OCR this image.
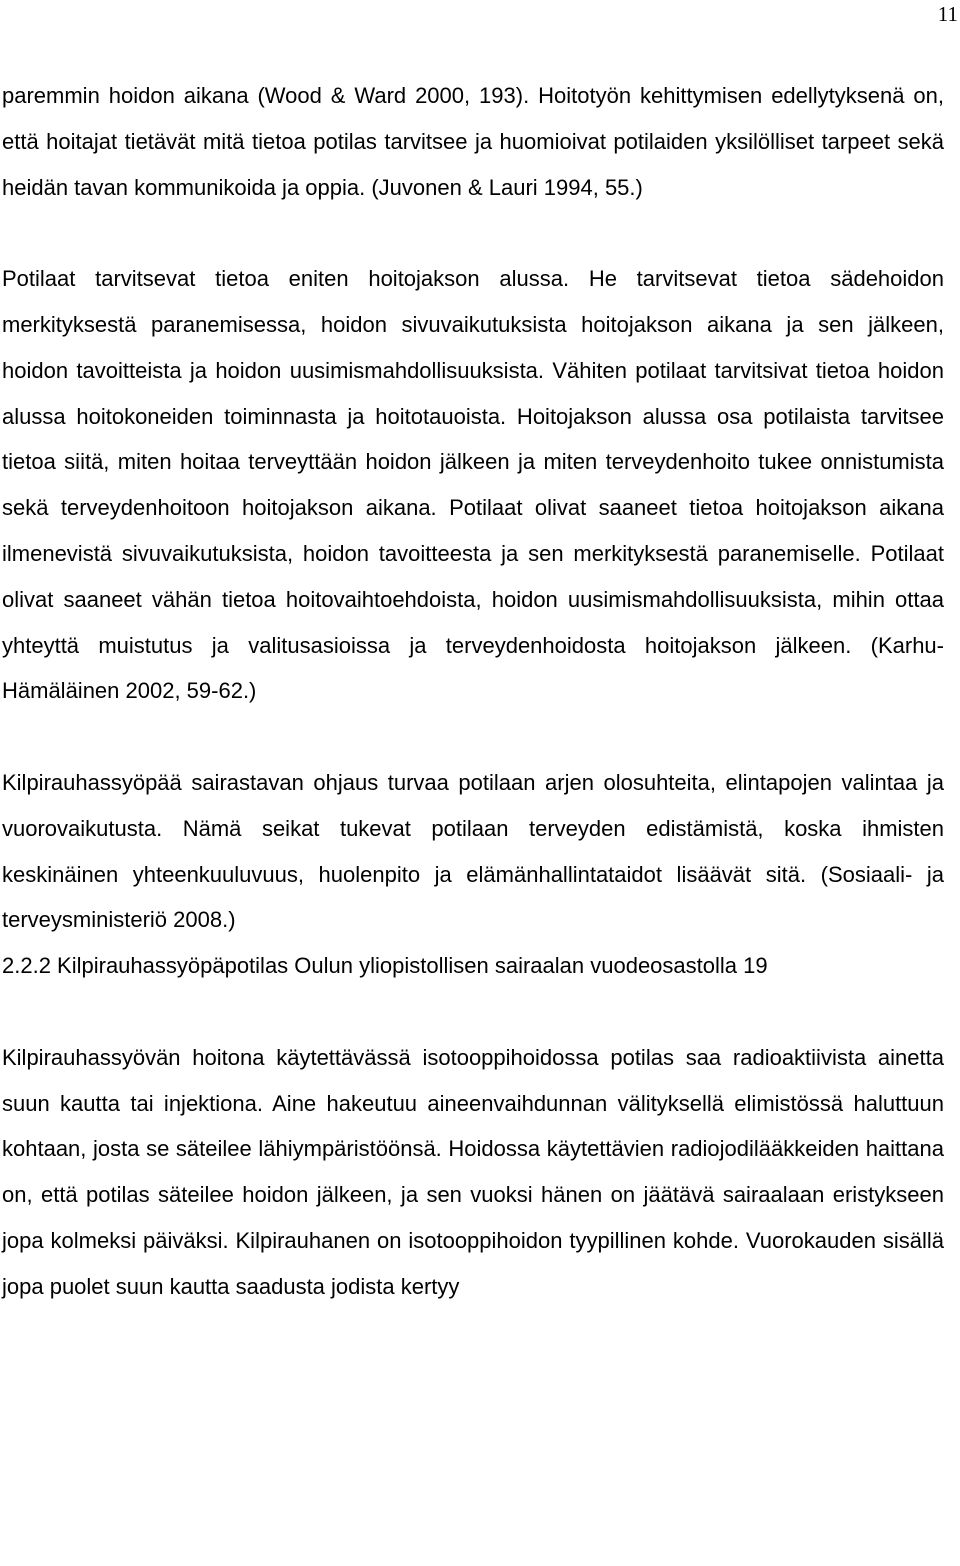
11

paremmin hoidon aikana (Wood & Ward 2000, 193). Hoitotyön kehittymisen edellytyksenä on, että hoitajat tietävät mitä tietoa potilas tarvitsee ja huomioivat potilaiden yksilölliset tarpeet sekä heidän tavan kommunikoida ja oppia. (Juvonen & Lauri 1994, 55.)

Potilaat tarvitsevat tietoa eniten hoitojakson alussa. He tarvitsevat tietoa sädehoidon merkityksestä paranemisessa, hoidon sivuvaikutuksista hoitojakson aikana ja sen jälkeen, hoidon tavoitteista ja hoidon uusimismahdollisuuksista. Vähiten potilaat tarvitsivat tietoa hoidon alussa hoitokoneiden toiminnasta ja hoitotauoista. Hoitojakson alussa osa potilaista tarvitsee tietoa siitä, miten hoitaa terveyttään hoidon jälkeen ja miten terveydenhoito tukee onnistumista sekä terveydenhoitoon hoitojakson aikana. Potilaat olivat saaneet tietoa hoitojakson aikana ilmenevistä sivuvaikutuksista, hoidon tavoitteesta ja sen merkityksestä paranemiselle. Potilaat olivat saaneet vähän tietoa hoitovaihtoehdoista, hoidon uusimismahdollisuuksista, mihin ottaa yhteyttä muistutus ja valitusasioissa ja terveydenhoidosta hoitojakson jälkeen. (Karhu-Hämäläinen 2002, 59-62.)

Kilpirauhassyöpää sairastavan ohjaus turvaa potilaan arjen olosuhteita, elintapojen valintaa ja vuorovaikutusta. Nämä seikat tukevat potilaan terveyden edistämistä, koska ihmisten keskinäinen yhteenkuuluvuus, huolenpito ja elämänhallintataidot lisäävät sitä. (Sosiaali- ja terveysministeriö 2008.)

2.2.2 Kilpirauhassyöpäpotilas Oulun yliopistollisen sairaalan vuodeosastolla 19

Kilpirauhassyövän hoitona käytettävässä isotooppihoidossa potilas saa radioaktiivista ainetta suun kautta tai injektiona. Aine hakeutuu aineenvaihdunnan välityksellä elimistössä haluttuun kohtaan, josta se säteilee lähiympäristöönsä. Hoidossa käytettävien radiojodilääkkeiden haittana on, että potilas säteilee hoidon jälkeen, ja sen vuoksi hänen on jäätävä sairaalaan eristykseen jopa kolmeksi päiväksi. Kilpirauhanen on isotooppihoidon tyypillinen kohde. Vuorokauden sisällä jopa puolet suun kautta saadusta jodista kertyy
